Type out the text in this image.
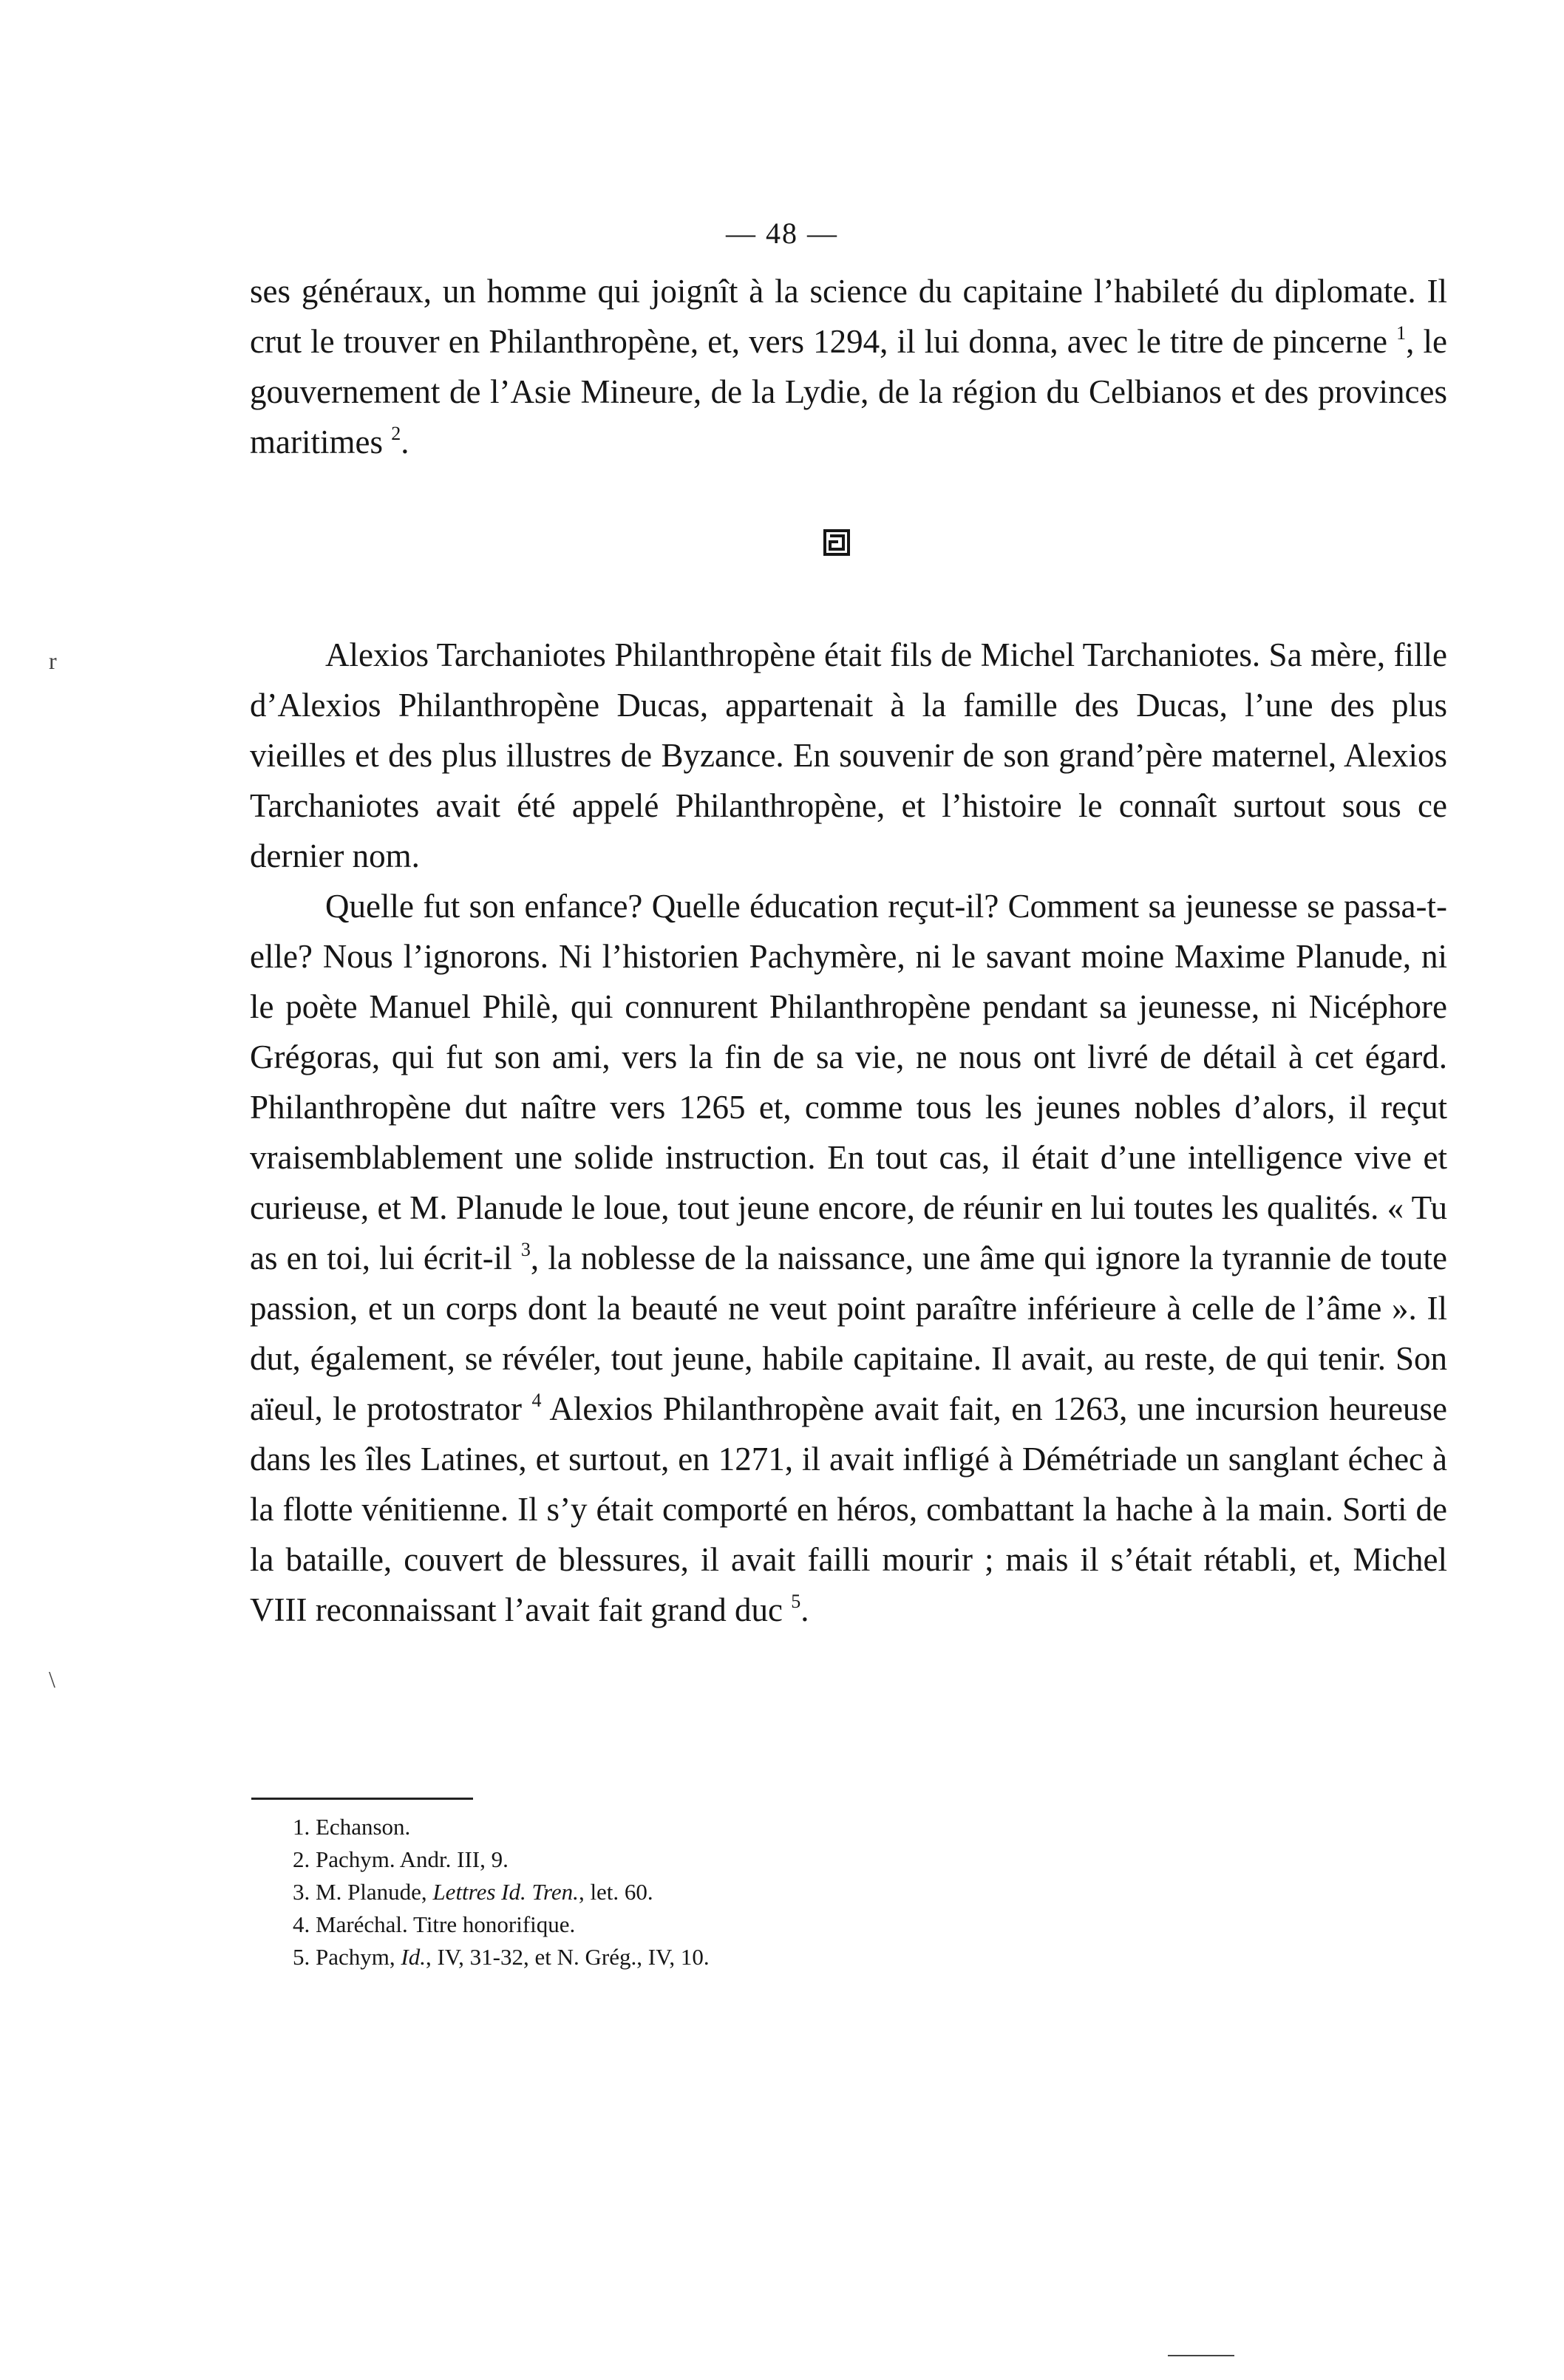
— 48 —

ses généraux, un homme qui joignît à la science du capitaine l’habileté du diplomate. Il crut le trouver en Philanthropène, et, vers 1294, il lui donna, avec le titre de pincerne $^1$, le gouvernement de l’Asie Mineure, de la Lydie, de la région du Celbianos et des provinces maritimes $^2$.

Alexios Tarchaniotes Philanthropène était fils de Michel Tarchaniotes. Sa mère, fille d’Alexios Philanthropène Ducas, appartenait à la famille des Ducas, l’une des plus vieilles et des plus illustres de Byzance. En souvenir de son grand’père maternel, Alexios Tarchaniotes avait été appelé Philanthropène, et l’histoire le connaît surtout sous ce dernier nom.

Quelle fut son enfance? Quelle éducation reçut-il? Comment sa jeunesse se passa-t-elle? Nous l’ignorons. Ni l’historien Pachymère, ni le savant moine Maxime Planude, ni le poète Manuel Philè, qui connurent Philanthropène pendant sa jeunesse, ni Nicéphore Grégoras, qui fut son ami, vers la fin de sa vie, ne nous ont livré de détail à cet égard. Philanthropène dut naître vers 1265 et, comme tous les jeunes nobles d’alors, il reçut vraisemblablement une solide instruction. En tout cas, il était d’une intelligence vive et curieuse, et M. Planude le loue, tout jeune encore, de réunir en lui toutes les qualités. « Tu as en toi, lui écrit-il $^3$, la noblesse de la naissance, une âme qui ignore la tyrannie de toute passion, et un corps dont la beauté ne veut point paraître inférieure à celle de l’âme ». Il dut, également, se révéler, tout jeune, habile capitaine. Il avait, au reste, de qui tenir. Son aïeul, le protostrator $^4$ Alexios Philanthropène avait fait, en 1263, une incursion heureuse dans les îles Latines, et surtout, en 1271, il avait infligé à Démétriade un sanglant échec à la flotte vénitienne. Il s’y était comporté en héros, combattant la hache à la main. Sorti de la bataille, couvert de blessures, il avait failli mourir ; mais il s’était rétabli, et, Michel VIII reconnaissant l’avait fait grand duc $^5$.

1. Echanson.

2. Pachym. Andr. III, 9.

3. M. Planude, Lettres Id. Tren., let. 60.

4. Maréchal. Titre honorifique.

5. Pachym, Id., IV, 31-32, et N. Grég., IV, 10.

r
\
